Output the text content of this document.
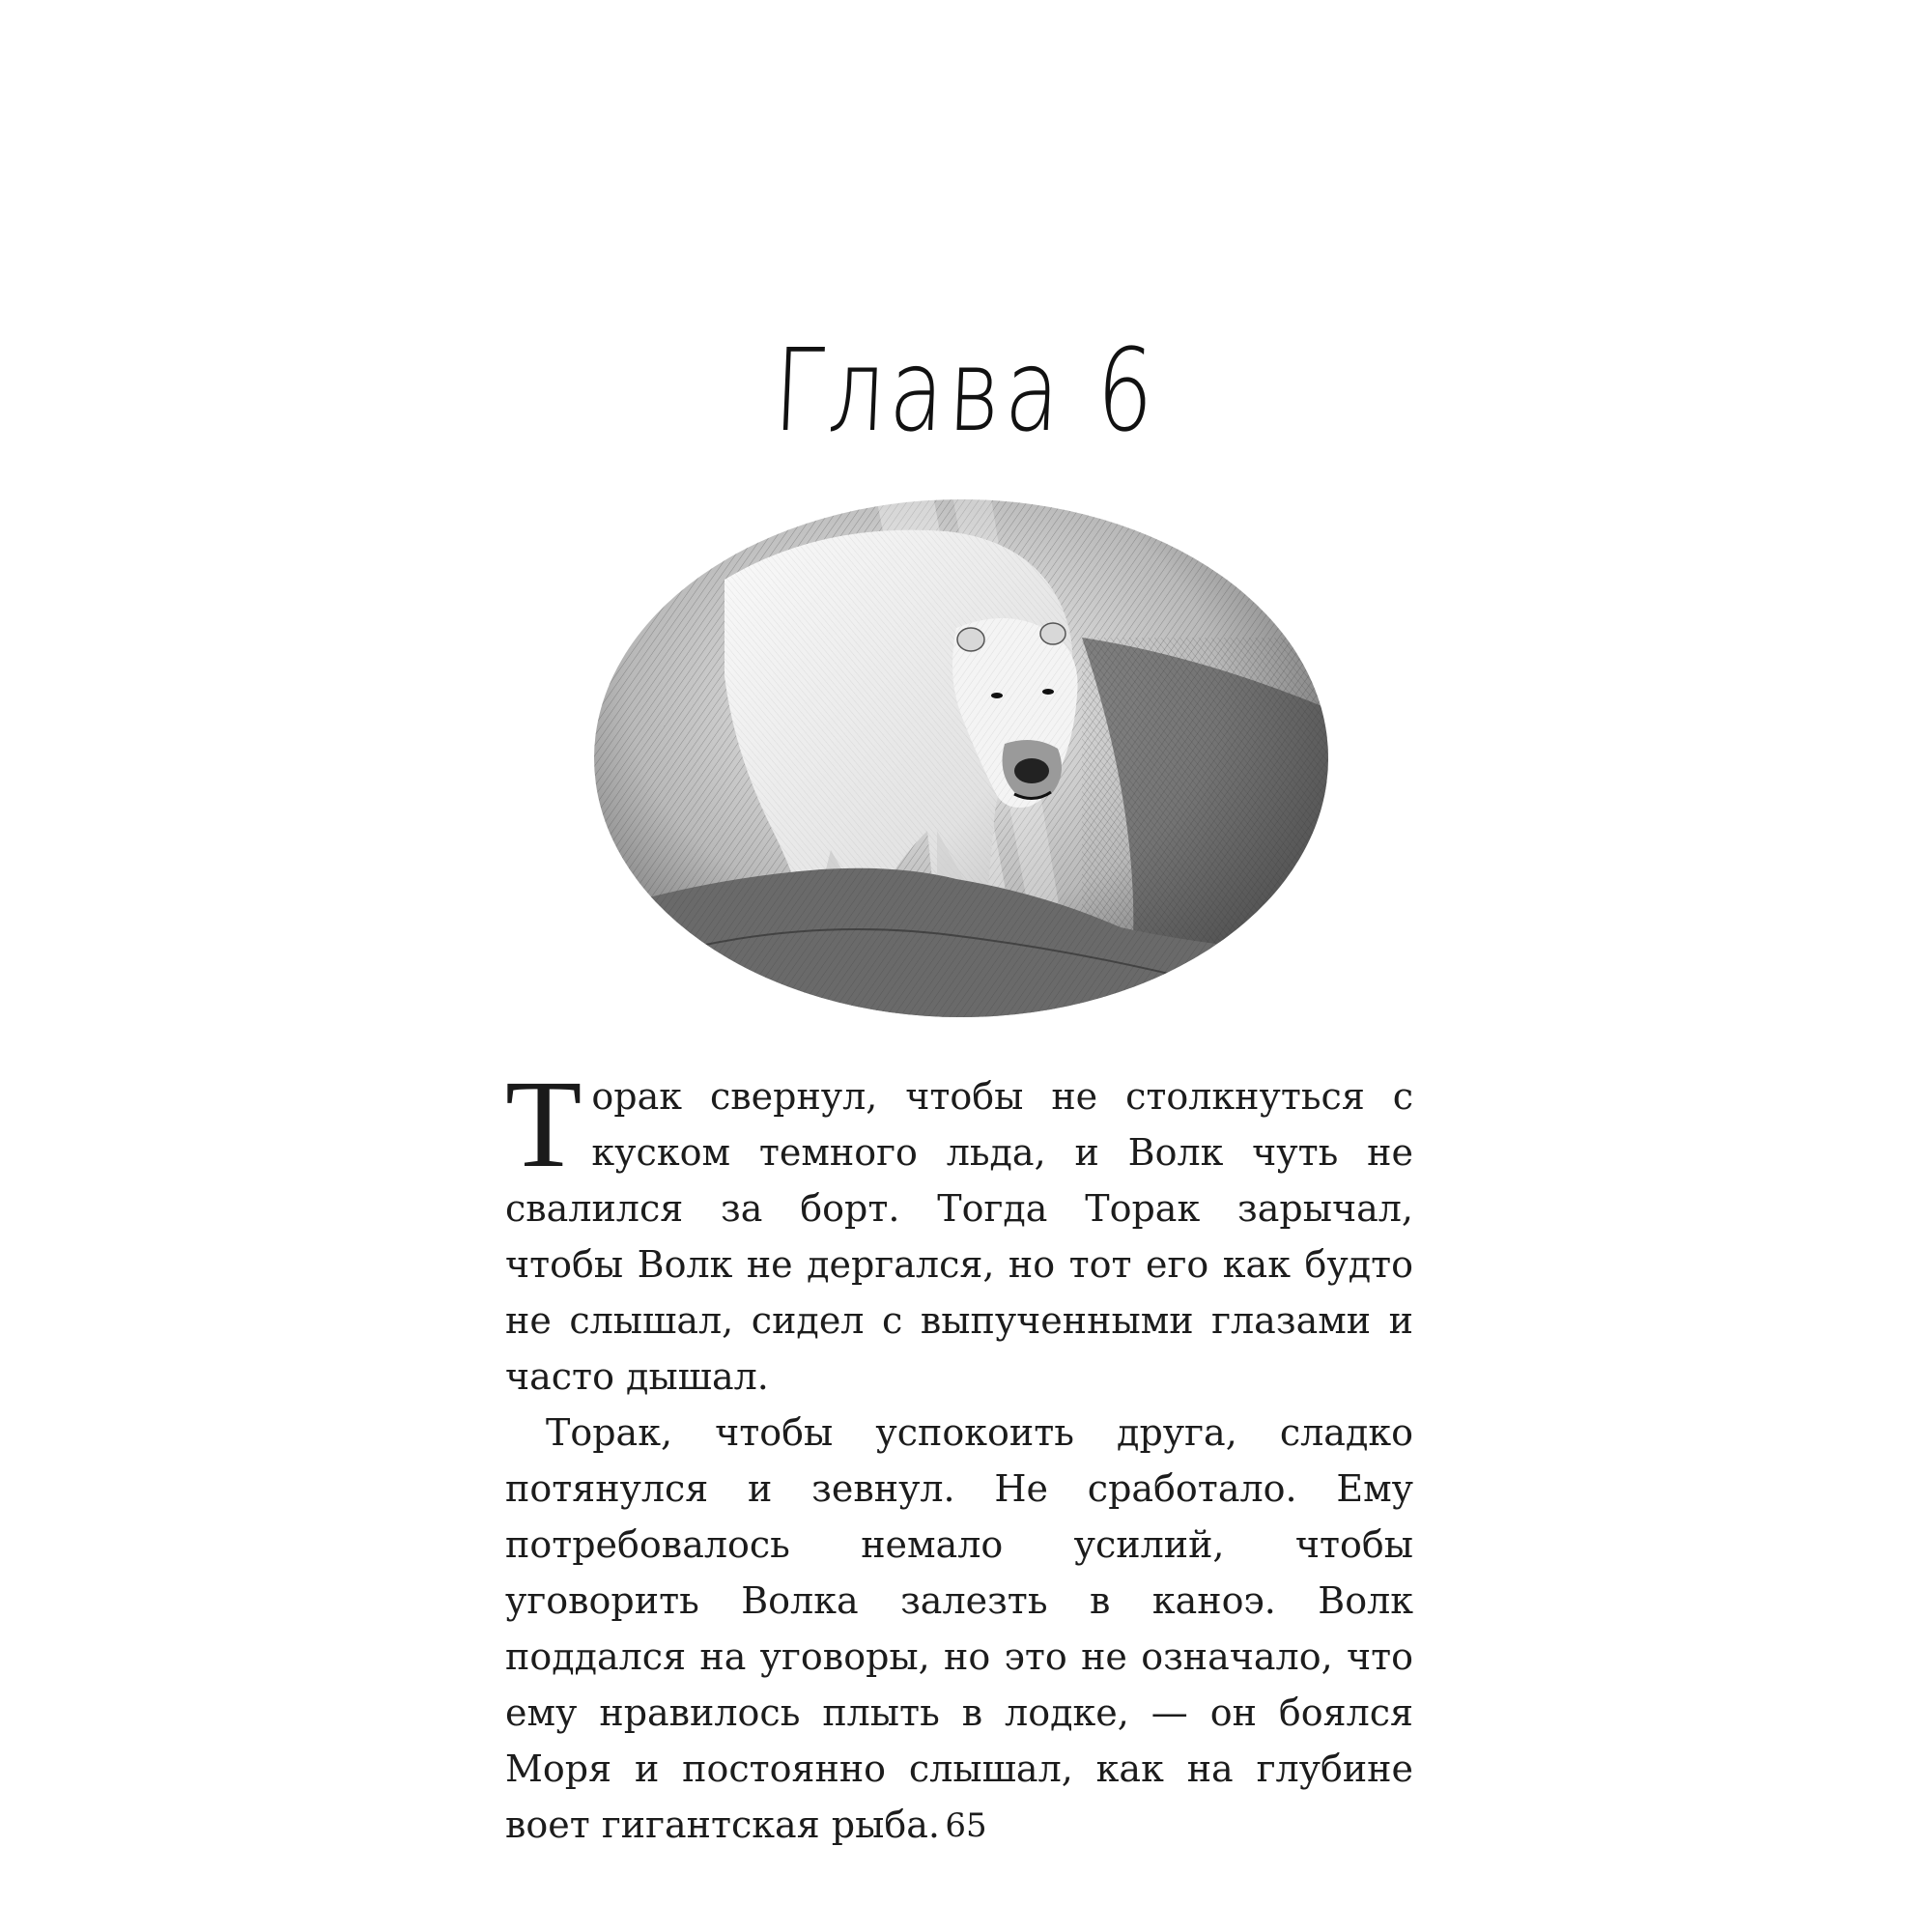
Глава 6

Торак свернул, чтобы не столкнуться с куском темного льда, и Волк чуть не свалился за борт. Тогда Торак зарычал, чтобы Волк не дергался, но тот его как будто не слышал, сидел с выпученными глазами и часто дышал.

Торак, чтобы успокоить друга, сладко потянулся и зевнул. Не сработало. Ему потребовалось немало усилий, чтобы уговорить Волка залезть в каноэ. Волк поддался на уговоры, но это не означало, что ему нравилось плыть в лодке, — он боялся Моря и постоянно слышал, как на глубине воет гигантская рыба. 65
